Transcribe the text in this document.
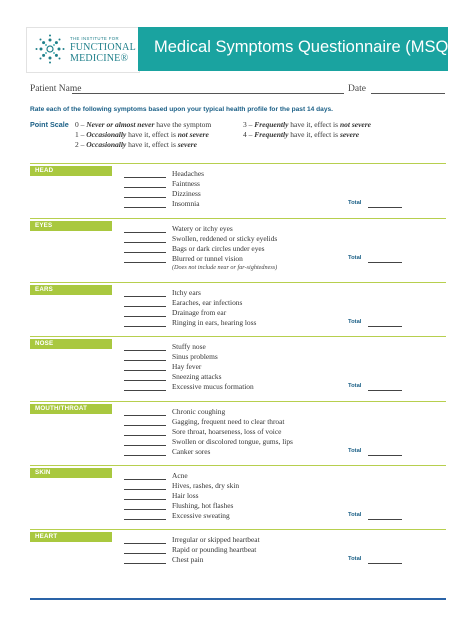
THE INSTITUTE FOR
FUNCTIONAL
MEDICINE®
Medical Symptoms Questionnaire (MSQ)
Patient Name	Date
Rate each of the following symptoms based upon your typical health profile for the past 14 days.
Point Scale 0 – Never or almost never have the symptom
1 – Occasionally have it, effect is not severe
2 – Occasionally have it, effect is severe
3 – Frequently have it, effect is not severe
4 – Frequently have it, effect is severe
HEAD	Headaches
Faintness
Dizziness
Insomnia	Total
EYES	Watery or itchy eyes
Swollen, reddened or sticky eyelids
Bags or dark circles under eyes
Blurred or tunnel vision
(Does not include near or far-sightedness)
Total
EARS	Itchy ears
Earaches, ear infections
Drainage from ear
Ringing in ears, hearing loss	Total
NOSE	Stuffy nose
Sinus problems
Hay fever
Sneezing attacks
Excessive mucus formation	Total
MOUTH/THROAT	Chronic coughing
Gagging, frequent need to clear throat
Sore throat, hoarseness, loss of voice
Swollen or discolored tongue, gums, lips
Canker sores	Total
SKIN	Acne
Hives, rashes, dry skin
Hair loss
Flushing, hot flashes
Excessive sweating	Total
HEART	Irregular or skipped heartbeat
Rapid or pounding heartbeat
Chest pain	Total
